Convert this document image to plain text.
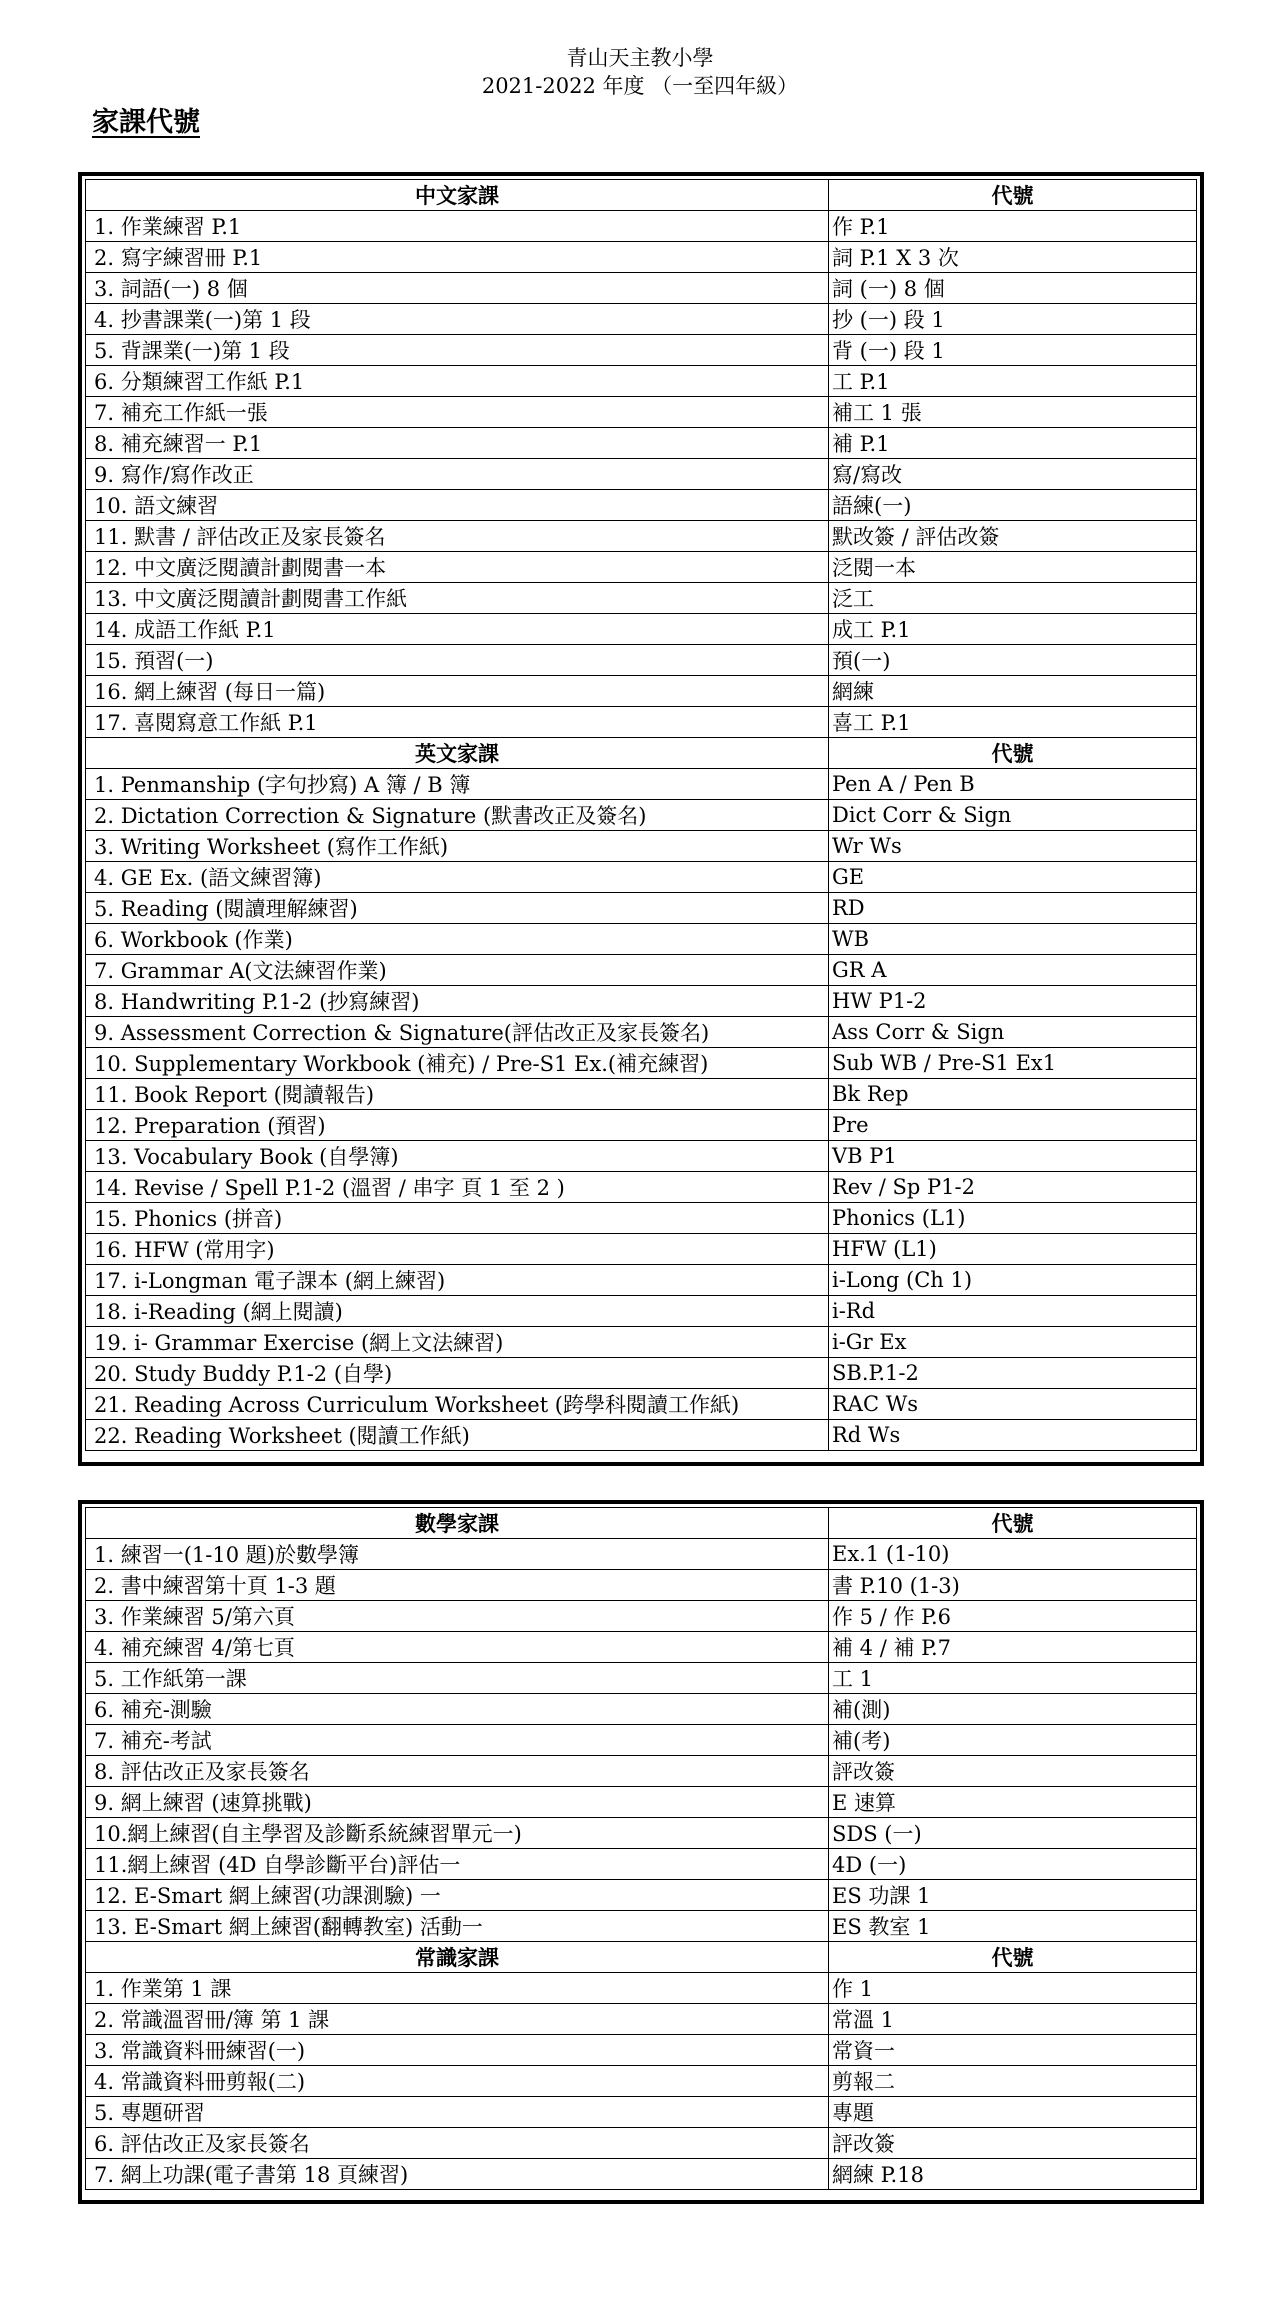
青山天主教小學
2021-2022 年度 （一至四年級）
家課代號
中文家課	代號
1. 作業練習 P.1	作 P.1
2. 寫字練習冊 P.1	詞 P.1 X 3 次
3. 詞語(一) 8 個	詞 (一) 8 個
4. 抄書課業(一)第 1 段	抄 (一) 段 1
5. 背課業(一)第 1 段	背 (一) 段 1
6. 分類練習工作紙 P.1	工 P.1
7. 補充工作紙一張	補工 1 張
8. 補充練習一 P.1	補 P.1
9. 寫作/寫作改正	寫/寫改
10. 語文練習	語練(一)
11. 默書 / 評估改正及家長簽名	默改簽 / 評估改簽
12. 中文廣泛閱讀計劃閱書一本	泛閱一本
13. 中文廣泛閱讀計劃閱書工作紙	泛工
14. 成語工作紙 P.1	成工 P.1
15. 預習(一)	預(一)
16. 網上練習 (每日一篇)	網練
17. 喜閱寫意工作紙 P.1	喜工 P.1
英文家課	代號
1. Penmanship (字句抄寫) A 簿 / B 簿	Pen A / Pen B
2. Dictation Correction & Signature (默書改正及簽名)	Dict Corr & Sign
3. Writing Worksheet (寫作工作紙)	Wr Ws
4. GE Ex. (語文練習簿)	GE
5. Reading (閱讀理解練習)	RD
6. Workbook (作業)	WB
7. Grammar A(文法練習作業)	GR A
8. Handwriting P.1-2 (抄寫練習)	HW P1-2
9. Assessment Correction & Signature(評估改正及家長簽名)	Ass Corr & Sign
10. Supplementary Workbook (補充) / Pre-S1 Ex.(補充練習)	Sub WB / Pre-S1 Ex1
11. Book Report (閱讀報告)	Bk Rep
12. Preparation (預習)	Pre
13. Vocabulary Book (自學簿)	VB P1
14. Revise / Spell P.1-2 (溫習 / 串字 頁 1 至 2 )	Rev / Sp P1-2
15. Phonics (拼音)	Phonics (L1)
16. HFW (常用字)	HFW (L1)
17. i-Longman 電子課本 (網上練習)	i-Long (Ch 1)
18. i-Reading (網上閱讀)	i-Rd
19. i- Grammar Exercise (網上文法練習)	i-Gr Ex
20. Study Buddy P.1-2 (自學)	SB.P.1-2
21. Reading Across Curriculum Worksheet (跨學科閱讀工作紙)	RAC Ws
22. Reading Worksheet (閱讀工作紙)	Rd Ws
數學家課	代號
1. 練習一(1-10 題)於數學簿	Ex.1 (1-10)
2. 書中練習第十頁 1-3 題	書 P.10 (1-3)
3. 作業練習 5/第六頁	作 5 / 作 P.6
4. 補充練習 4/第七頁	補 4 / 補 P.7
5. 工作紙第一課	工 1
6. 補充-測驗	補(測)
7. 補充-考試	補(考)
8. 評估改正及家長簽名	評改簽
9. 網上練習 (速算挑戰)	E 速算
10.網上練習(自主學習及診斷系統練習單元一)	SDS (一)
11.網上練習 (4D 自學診斷平台)評估一	4D (一)
12. E-Smart 網上練習(功課測驗) 一	ES 功課 1
13. E-Smart 網上練習(翻轉教室) 活動一	ES 教室 1
常識家課	代號
1. 作業第 1 課	作 1
2. 常識溫習冊/簿 第 1 課	常溫 1
3. 常識資料冊練習(一)	常資一
4. 常識資料冊剪報(二)	剪報二
5. 專題研習	專題
6. 評估改正及家長簽名	評改簽
7. 網上功課(電子書第 18 頁練習)	網練 P.18
